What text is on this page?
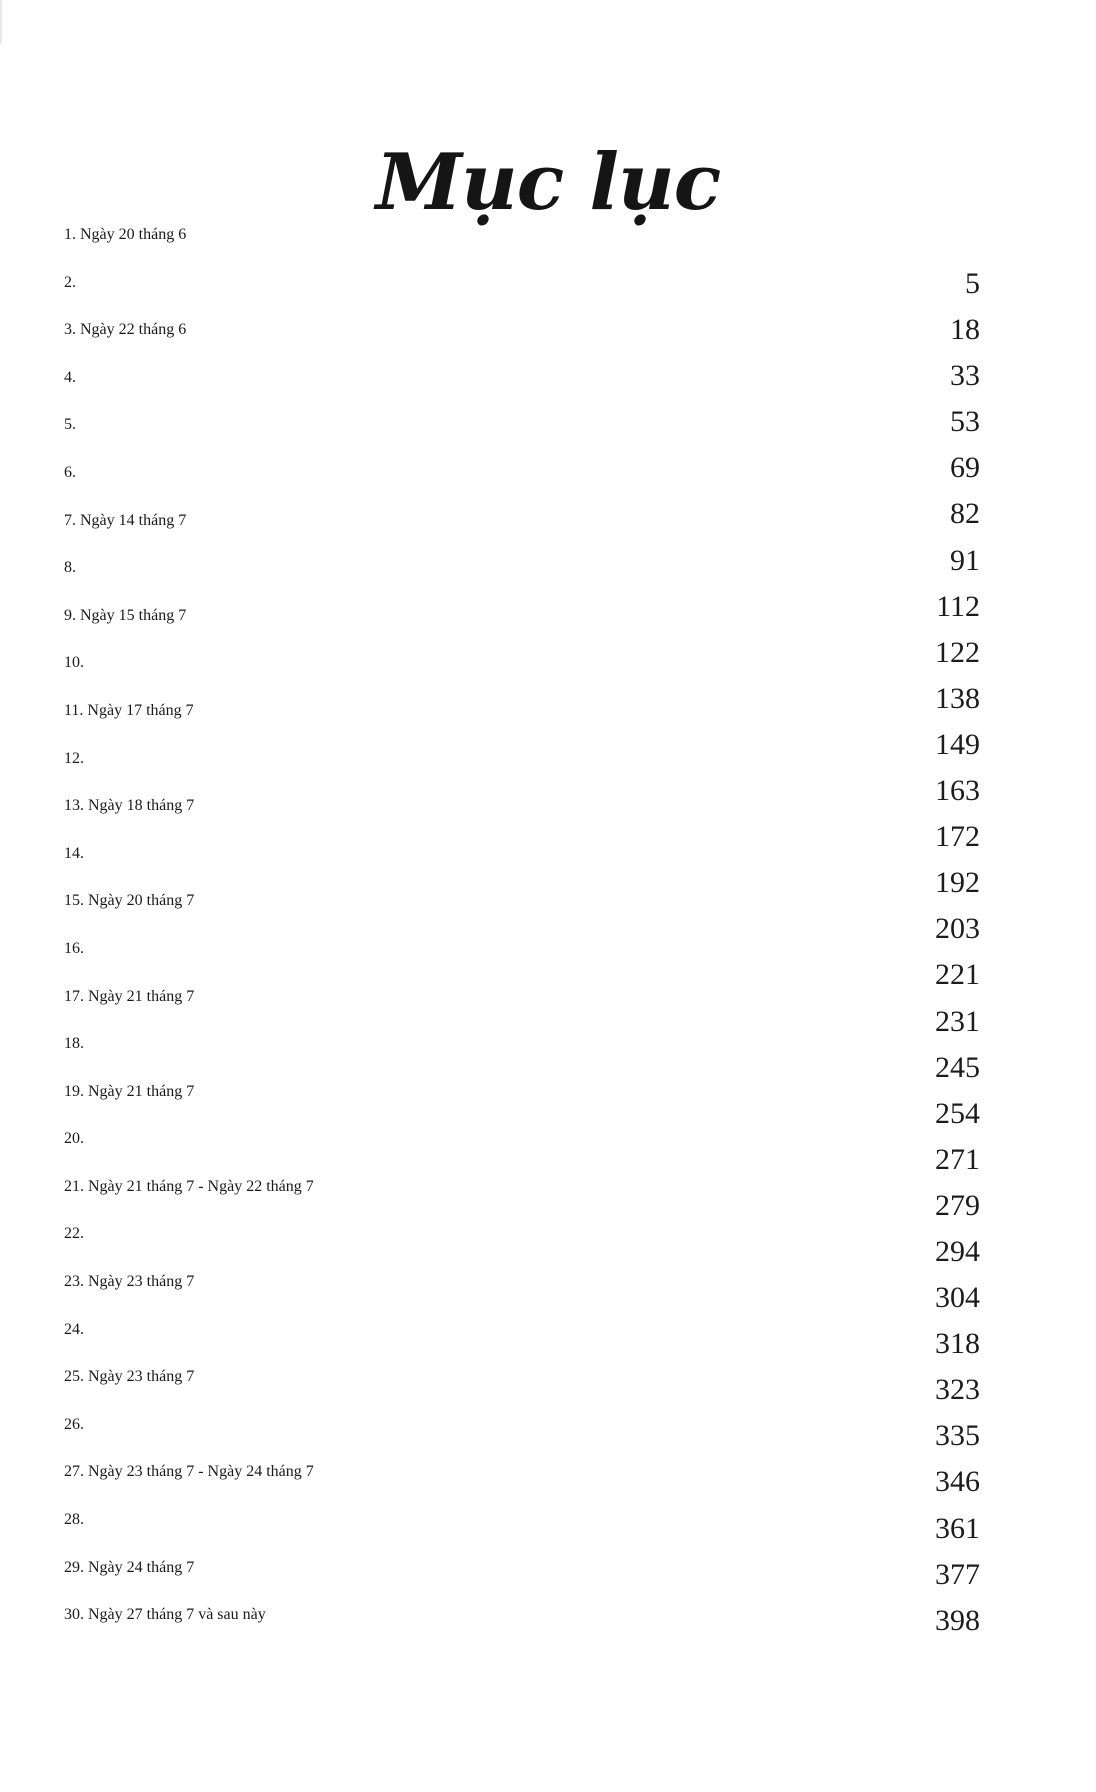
Mục lục
1. Ngày 20 tháng 6
2.
3. Ngày 22 tháng 6
4.
5.
6.
7. Ngày 14 tháng 7
8.
9. Ngày 15 tháng 7
10.
11. Ngày 17 tháng 7
12.
13. Ngày 18 tháng 7
14.
15. Ngày 20 tháng 7
16.
17. Ngày 21 tháng 7
18.
19. Ngày 21 tháng 7
20.
21. Ngày 21 tháng 7 - Ngày 22 tháng 7
22.
23. Ngày 23 tháng 7
24.
25. Ngày 23 tháng 7
26.
27. Ngày 23 tháng 7 - Ngày 24 tháng 7
28.
29. Ngày 24 tháng 7
30. Ngày 27 tháng 7 và sau này
5
18
33
53
69
82
91
112
122
138
149
163
172
192
203
221
231
245
254
271
279
294
304
318
323
335
346
361
377
398
